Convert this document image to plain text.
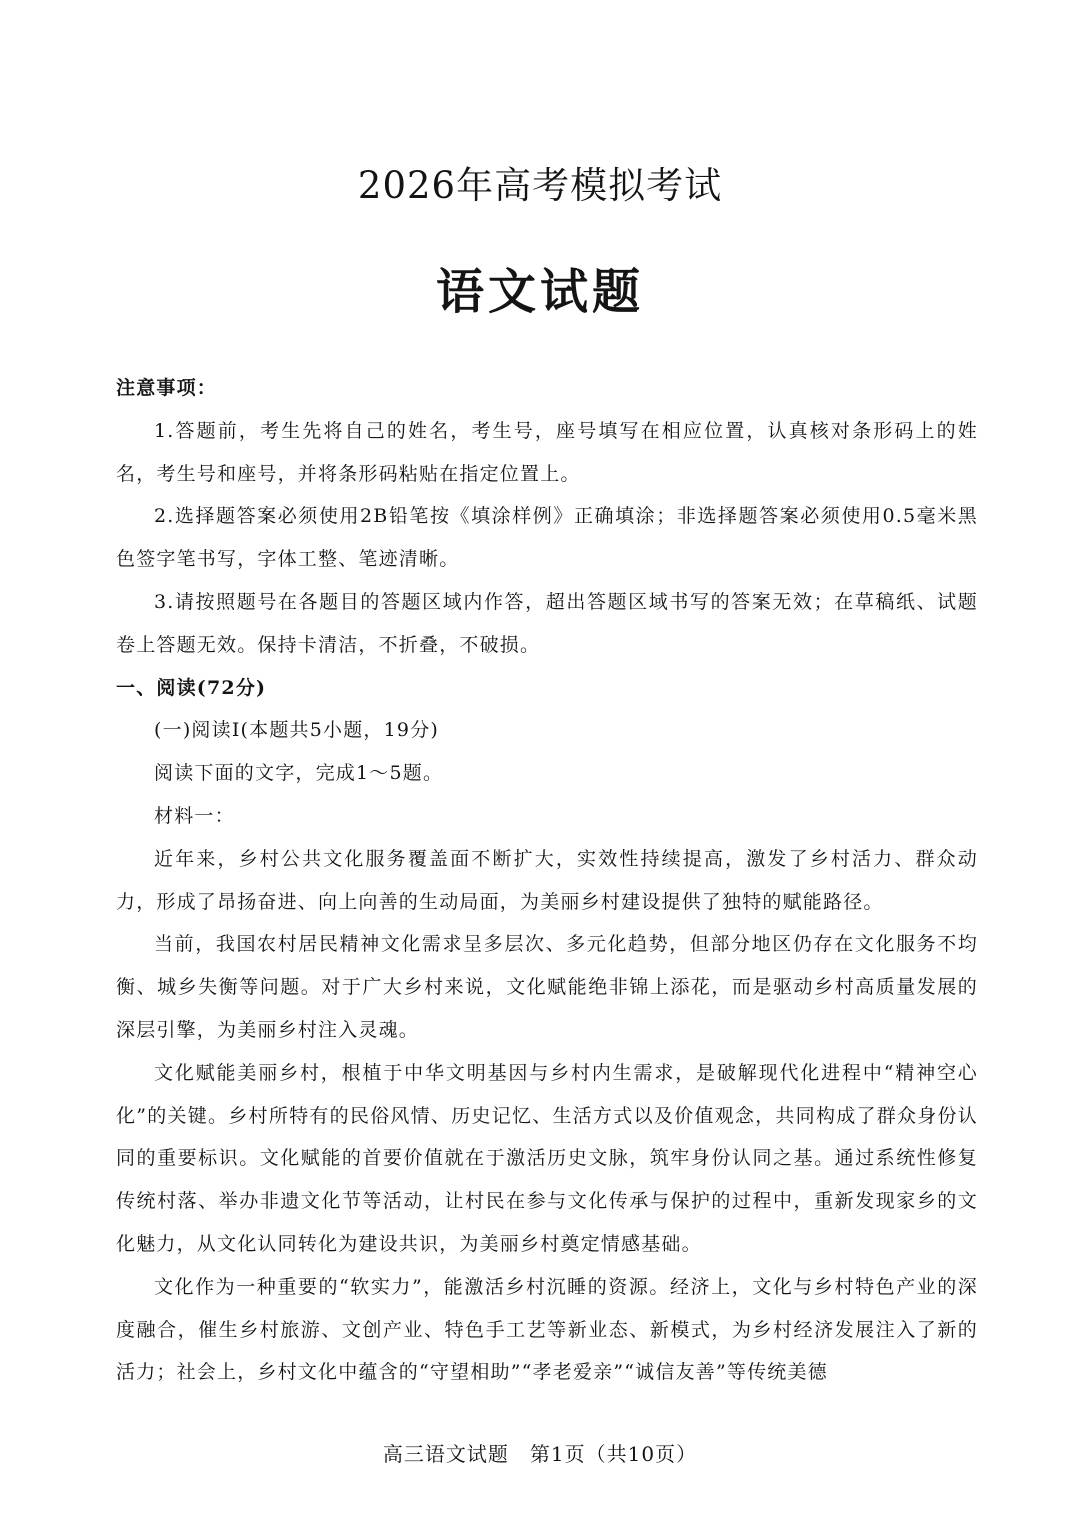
2026年高考模拟考试
语文试题

注意事项：

1.答题前，考生先将自己的姓名，考生号，座号填写在相应位置，认真核对条形码上的姓名，考生号和座号，并将条形码粘贴在指定位置上。

2.选择题答案必须使用2B铅笔按《填涂样例》正确填涂；非选择题答案必须使用0.5毫米黑色签字笔书写，字体工整、笔迹清晰。

3.请按照题号在各题目的答题区域内作答，超出答题区域书写的答案无效；在草稿纸、试题卷上答题无效。保持卡清洁，不折叠，不破损。

一、阅读(72分)

(一)阅读Ⅰ(本题共5小题，19分)

阅读下面的文字，完成1～5题。

材料一：

近年来，乡村公共文化服务覆盖面不断扩大，实效性持续提高，激发了乡村活力、群众动力，形成了昂扬奋进、向上向善的生动局面，为美丽乡村建设提供了独特的赋能路径。

当前，我国农村居民精神文化需求呈多层次、多元化趋势，但部分地区仍存在文化服务不均衡、城乡失衡等问题。对于广大乡村来说，文化赋能绝非锦上添花，而是驱动乡村高质量发展的深层引擎，为美丽乡村注入灵魂。

文化赋能美丽乡村，根植于中华文明基因与乡村内生需求，是破解现代化进程中“精神空心化”的关键。乡村所特有的民俗风情、历史记忆、生活方式以及价值观念，共同构成了群众身份认同的重要标识。文化赋能的首要价值就在于激活历史文脉，筑牢身份认同之基。通过系统性修复传统村落、举办非遗文化节等活动，让村民在参与文化传承与保护的过程中，重新发现家乡的文化魅力，从文化认同转化为建设共识，为美丽乡村奠定情感基础。

文化作为一种重要的“软实力”，能激活乡村沉睡的资源。经济上，文化与乡村特色产业的深度融合，催生乡村旅游、文创产业、特色手工艺等新业态、新模式，为乡村经济发展注入了新的活力；社会上，乡村文化中蕴含的“守望相助”“孝老爱亲”“诚信友善”等传统美德

高三语文试题　第1页（共10页）
